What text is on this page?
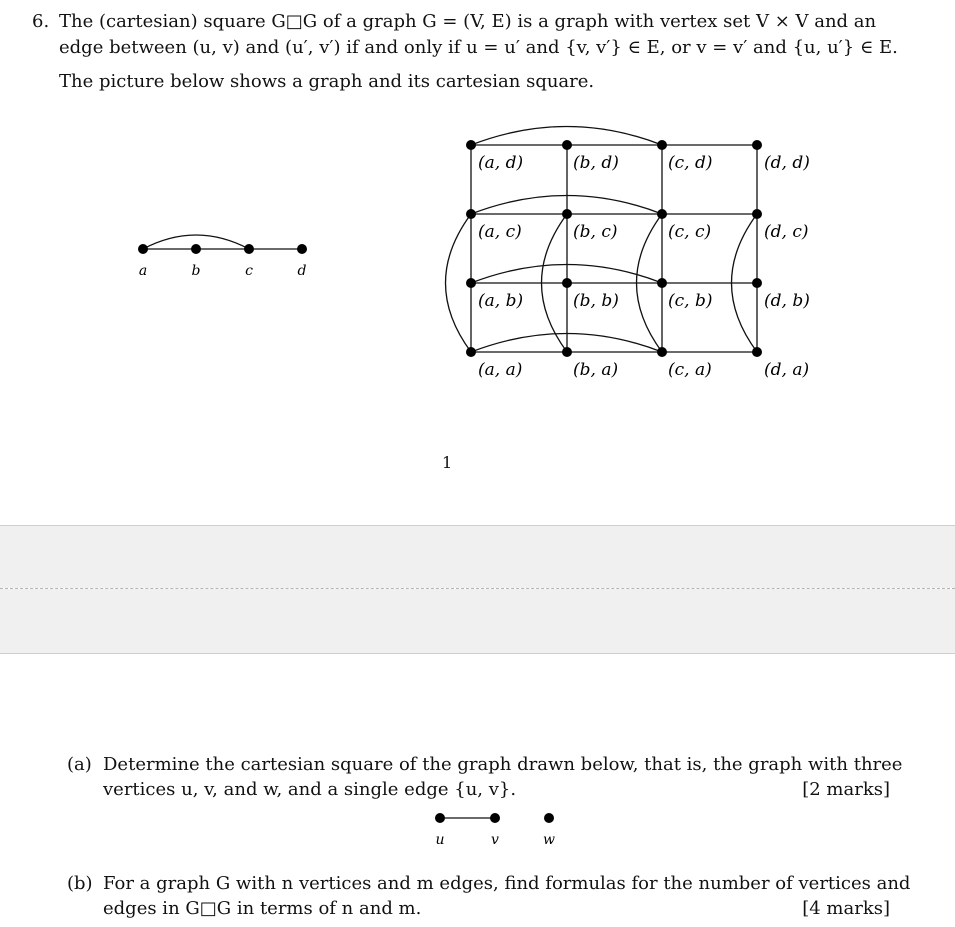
6. The (cartesian) square G□G of a graph G = (V, E) is a graph with vertex set V × V and an
edge between (u, v) and (u′, v′) if and only if u = u′ and {v, v′} ∈ E, or v = v′ and {u, u′} ∈ E.
The picture below shows a graph and its cartesian square.
a	b	c	d
(a, d)	(b, d)	(c, d)	(d, d)
(a, c)	(b, c)	(c, c)	(d, c)
(a, b)	(b, b)	(c, b)	(d, b)
(a, a)	(b, a)	(c, a)	(d, a)
1
(a) Determine the cartesian square of the graph drawn below, that is, the graph with three
vertices u, v, and w, and a single edge {u, v}.	[2 marks]
u	v	w
(b) For a graph G with n vertices and m edges, find formulas for the number of vertices and
edges in G□G in terms of n and m.	[4 marks]
